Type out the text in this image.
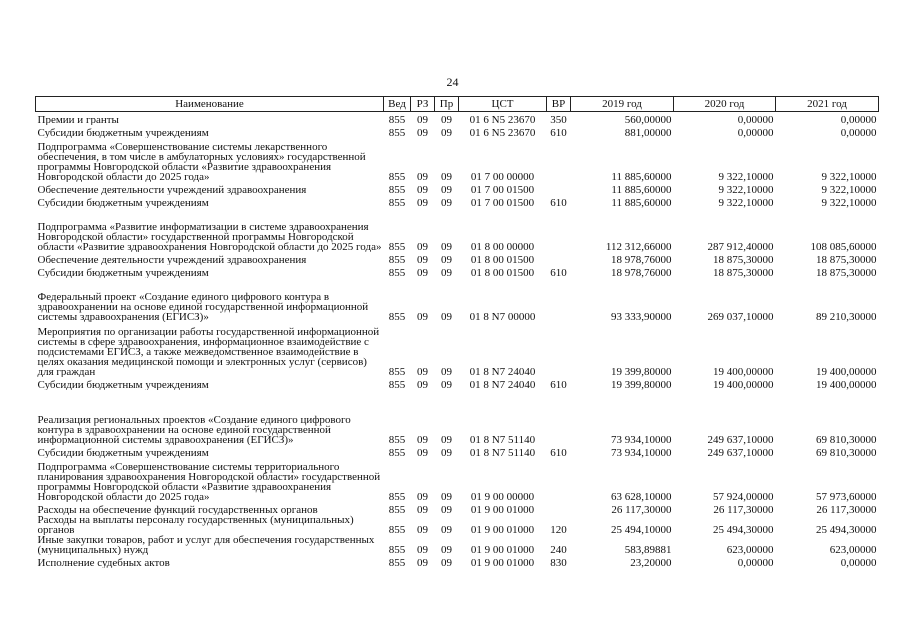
24
Наименование	Вед	РЗ	Пр	ЦСТ	ВР	2019 год	2020 год	2021 год
Премии и гранты	855	09	09	01 6 N5 23670	350	560,00000	0,00000	0,00000
Субсидии бюджетным учреждениям	855	09	09	01 6 N5 23670	610	881,00000	0,00000	0,00000
Подпрограмма «Совершенствование системы лекарственного обеспечения, в том числе в амбулаторных условиях» государственной программы Новгородской области «Развитие здравоохранения Новгородской области до 2025 года»	855	09	09	01 7 00 00000		11 885,60000	9 322,10000	9 322,10000
Обеспечение деятельности учреждений здравоохранения	855	09	09	01 7 00 01500		11 885,60000	9 322,10000	9 322,10000
Субсидии бюджетным учреждениям	855	09	09	01 7 00 01500	610	11 885,60000	9 322,10000	9 322,10000
Подпрограмма «Развитие информатизации в системе здравоохранения Новгородской области» государственной программы Новгородской области «Развитие здравоохранения Новгородской области до 2025 года»	855	09	09	01 8 00 00000		112 312,66000	287 912,40000	108 085,60000
Обеспечение деятельности учреждений здравоохранения	855	09	09	01 8 00 01500		18 978,76000	18 875,30000	18 875,30000
Субсидии бюджетным учреждениям	855	09	09	01 8 00 01500	610	18 978,76000	18 875,30000	18 875,30000
Федеральный проект «Создание единого цифрового контура в здравоохранении на основе единой государственной информационной системы здравоохранения (ЕГИСЗ)»	855	09	09	01 8 N7 00000		93 333,90000	269 037,10000	89 210,30000
Мероприятия по организации работы государственной информационной системы в сфере здравоохранения, информационное взаимодействие с подсистемами ЕГИСЗ, а также межведомственное взаимодействие в целях оказания медицинской помощи и электронных услуг (сервисов) для граждан	855	09	09	01 8 N7 24040		19 399,80000	19 400,00000	19 400,00000
Субсидии бюджетным учреждениям	855	09	09	01 8 N7 24040	610	19 399,80000	19 400,00000	19 400,00000
Реализация региональных проектов «Создание единого цифрового контура в здравоохранении на основе единой государственной информационной системы здравоохранения (ЕГИСЗ)»	855	09	09	01 8 N7 51140		73 934,10000	249 637,10000	69 810,30000
Субсидии бюджетным учреждениям	855	09	09	01 8 N7 51140	610	73 934,10000	249 637,10000	69 810,30000
Подпрограмма «Совершенствование системы территориального планирования здравоохранения Новгородской области» государственной программы Новгородской области «Развитие здравоохранения Новгородской области до 2025 года»	855	09	09	01 9 00 00000		63 628,10000	57 924,00000	57 973,60000
Расходы на обеспечение функций государственных органов	855	09	09	01 9 00 01000		26 117,30000	26 117,30000	26 117,30000
Расходы на выплаты персоналу государственных (муниципальных) органов	855	09	09	01 9 00 01000	120	25 494,10000	25 494,30000	25 494,30000
Иные закупки товаров, работ и услуг для обеспечения государственных (муниципальных) нужд	855	09	09	01 9 00 01000	240	583,89881	623,00000	623,00000
Исполнение судебных актов	855	09	09	01 9 00 01000	830	23,20000	0,00000	0,00000
